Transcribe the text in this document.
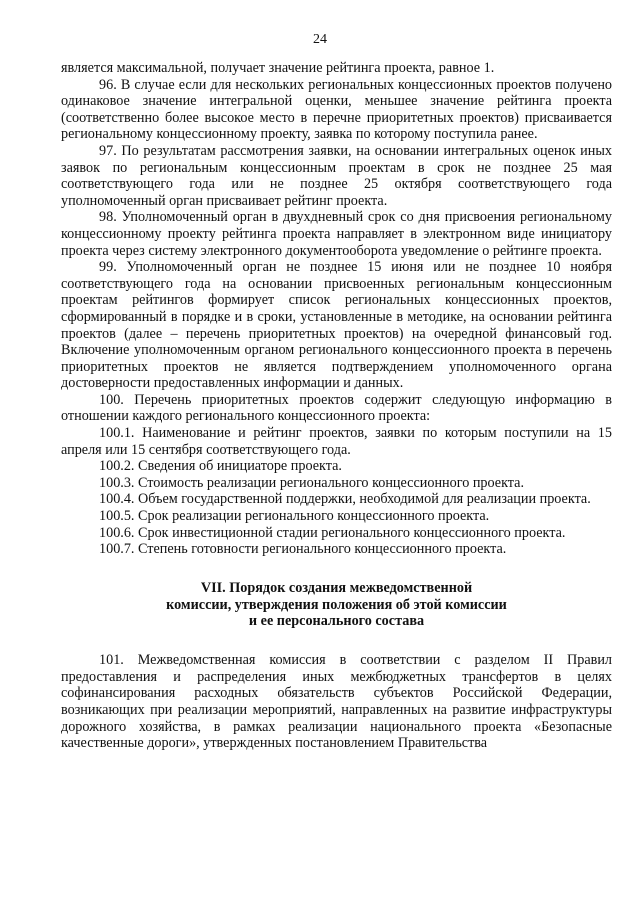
24

является максимальной, получает значение рейтинга проекта, равное 1.

96. В случае если для нескольких региональных концессионных проектов получено одинаковое значение интегральной оценки, меньшее значение рейтинга проекта (соответственно более высокое место в перечне приоритетных проектов) присваивается региональному концессионному проекту, заявка по которому поступила ранее.

97. По результатам рассмотрения заявки, на основании интегральных оценок иных заявок по региональным концессионным проектам в срок не позднее 25 мая соответствующего года или не позднее 25 октября соответствующего года уполномоченный орган присваивает рейтинг проекта.

98. Уполномоченный орган в двухдневный срок со дня присвоения региональному концессионному проекту рейтинга проекта направляет в электронном виде инициатору проекта через систему электронного документооборота уведомление о рейтинге проекта.

99. Уполномоченный орган не позднее 15 июня или не позднее 10 ноября соответствующего года на основании присвоенных региональным концессионным проектам рейтингов формирует список региональных концессионных проектов, сформированный в порядке и в сроки, установленные в методике, на основании рейтинга проектов (далее – перечень приоритетных проектов) на очередной финансовый год. Включение уполномоченным органом регионального концессионного проекта в перечень приоритетных проектов не является подтверждением уполномоченного органа достоверности предоставленных информации и данных.

100. Перечень приоритетных проектов содержит следующую информацию в отношении каждого регионального концессионного проекта:

100.1. Наименование и рейтинг проектов, заявки по которым поступили на 15 апреля или 15 сентября соответствующего года.

100.2. Сведения об инициаторе проекта.

100.3. Стоимость реализации регионального концессионного проекта.

100.4. Объем государственной поддержки, необходимой для реализации проекта.

100.5. Срок реализации регионального концессионного проекта.

100.6. Срок инвестиционной стадии регионального концессионного проекта.

100.7. Степень готовности регионального концессионного проекта.

VII. Порядок создания межведомственной
комиссии, утверждения положения об этой комиссии
и ее персонального состава

101. Межведомственная комиссия в соответствии с разделом II Правил предоставления и распределения иных межбюджетных трансфертов в целях софинансирования расходных обязательств субъектов Российской Федерации, возникающих при реализации мероприятий, направленных на развитие инфраструктуры дорожного хозяйства, в рамках реализации национального проекта «Безопасные качественные дороги», утвержденных постановлением Правительства
